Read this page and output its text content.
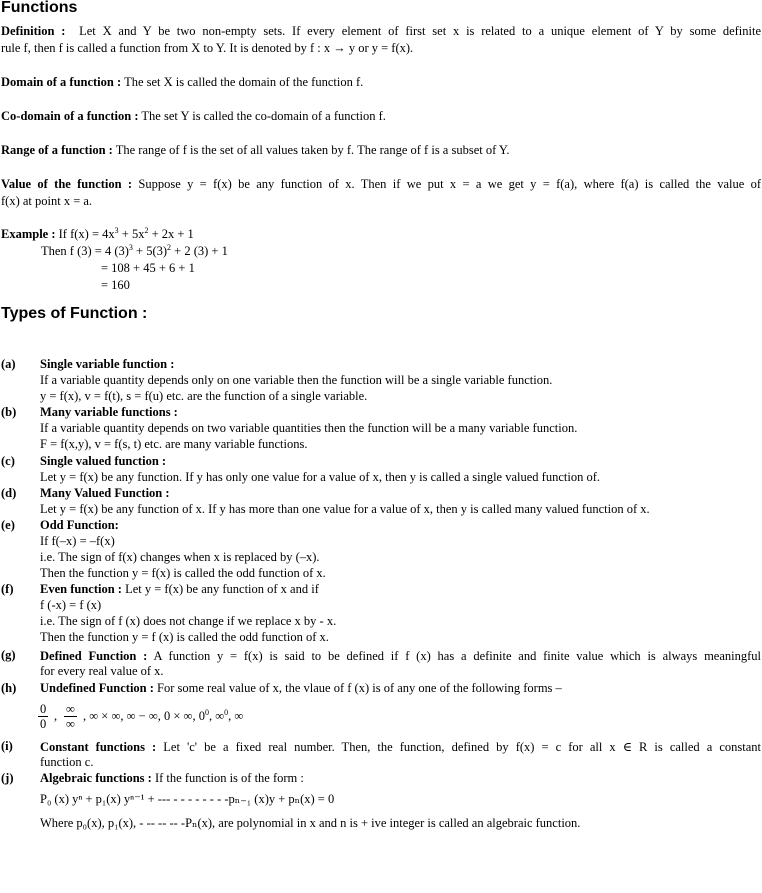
Functions
Definition : Let X and Y be two non-empty sets. If every element of first set x is related to a unique element of Y by some definite
rule f, then f is called a function from X to Y. It is denoted by f : x → y or y = f(x).
Domain of a function : The set X is called the domain of the function f.
Co-domain of a function : The set Y is called the co-domain of a function f.
Range of a function : The range of f is the set of all values taken by f. The range of f is a subset of Y.
Value of the function : Suppose y = f(x) be any function of x. Then if we put x = a we get y = f(a), where f(a) is called the value of
f(x) at point x = a.
Example : If $f(x) = 4x^3 + 5x^2 + 2x + 1$
Then f (3) = 4 $(3)^3 + 5(3)^2 + 2$ (3) + 1
= 108 + 45 + 6 + 1
= 160
Types of Function :
(a) Single variable function :
If a variable quantity depends only on one variable then the function will be a single variable function.
y = f(x), v = f(t), s = f(u) etc. are the function of a single variable.
(b) Many variable functions :
If a variable quantity depends on two variable quantities then the function will be a many variable function.
F = f(x,y), v = f(s, t) etc. are many variable functions.
(c) Single valued function :
Let y = f(x) be any function. If y has only one value for a value of x, then y is called a single valued function of.
(d) Many Valued Function :
Let y = f(x) be any function of x. If y has more than one value for a value of x, then y is called many valued function of x.
(e) Odd Function:
If f(–x) = –f(x)
i.e. The sign of f(x) changes when x is replaced by (–x).
Then the function y = f(x) is called the odd function of x.
(f) Even function : Let y = f(x) be any function of x and if
f (-x) = f (x)
i.e. The sign of f (x) does not change if we replace x by - x.
Then the function y = f (x) is called the odd function of x.
(g) Defined Function : A function y = f(x) is said to be defined if f (x) has a definite and finite value which is always meaningful
for every real value of x.
(h) Undefined Function : For some real value of x, the vlaue of f (x) is of any one of the following forms –
$\frac{0}{0}$ , ∞
∞
, ∞ × ∞, ∞ − ∞, 0 × ∞, $0^0$, ∞$^0$, ∞
(i) Constant functions : Let 'c' be a fixed real number. Then, the function, defined by f(x) = c for all x ∈ R is called a constant
function c.
(j) Algebraic functions : If the function is of the form :
P₀ (x) yⁿ + p₁(x) yⁿ⁻¹ + --- - - - - - - - -pₙ₋₁ (x)y + pₙ(x) = 0
Where p₀(x), p₁(x), - -- -- -- -Pₙ(x), are polynomial in x and n is + ive integer is called an algebraic function.
